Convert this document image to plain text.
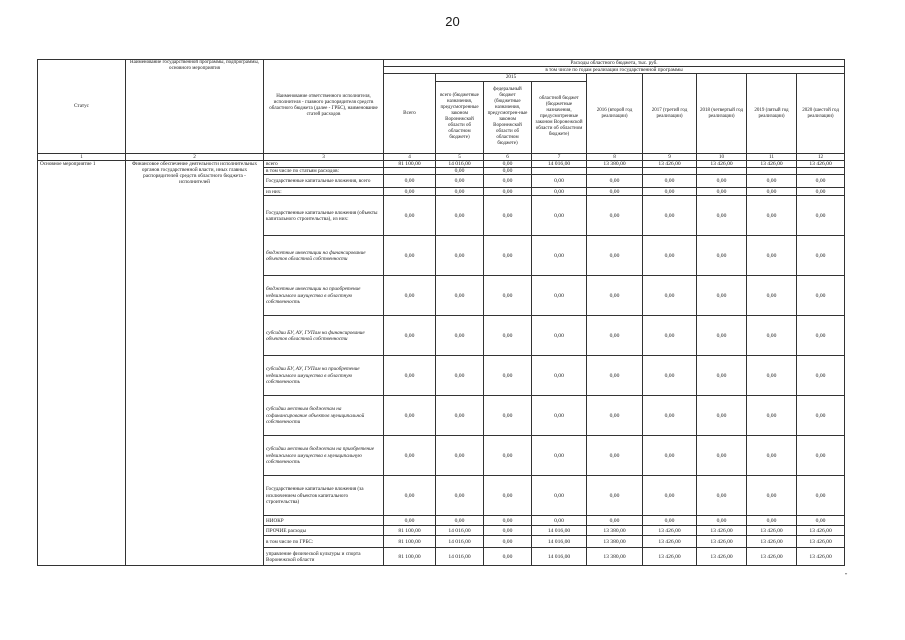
20
Статус	Наименование государственной программы, подпрограммы, основного мероприятия	Наименование ответственного исполнителя, исполнителя - главного распорядителя средств областного бюджета (далее - ГРБС), наименование статей расходов	Расходы областного бюджета, тыс. руб.								
			в том числе по годам реализации государственной программы								
			Всего	2015			2016 (второй год реализации)	2017 (третий год реализации)	2018 (четвертый год реализации)	2019 (пятый год реализации)	2020 (шестой год реализации)
				всего (бюджетные назначения, предусмотренные законом Воронежской области об областном бюджете)	федеральный бюджет (бюджетные назначения, предусмотрен-ные законом Воронежской области об областном бюджете)	областной бюджет (бюджетные назначения, предусмотренные законом Воронежской области об областном бюджете)					
1	2	3	4	5	6	7	8	9	10	11	12
Основное мероприятие 1	Финансовое обеспечение деятельности исполнительных органов государственной власти, иных главных распорядителей средств областного бюджета - исполнителей	всего	81 100,00	14 016,00	0,00	14 016,00	13 380,00	13 426,00	13 426,00	13 426,00	13 426,00
		в том числе по статьям расходов:		0,00	0,00						
		Государственные капитальные вложения, всего	0,00	0,00	0,00	0,00	0,00	0,00	0,00	0,00	0,00
		из них:	0,00	0,00	0,00	0,00	0,00	0,00	0,00	0,00	0,00
		Государственные капитальные вложения (объекты капитального строительства), из них:	0,00	0,00	0,00	0,00	0,00	0,00	0,00	0,00	0,00
		бюджетные инвестиции на финансирование объектов областной собственности	0,00	0,00	0,00	0,00	0,00	0,00	0,00	0,00	0,00
		бюджетные инвестиции на приобретение недвижимого имущества в областную собственность	0,00	0,00	0,00	0,00	0,00	0,00	0,00	0,00	0,00
		субсидии БУ, АУ, ГУПам на финансирование объектов областной собственности	0,00	0,00	0,00	0,00	0,00	0,00	0,00	0,00	0,00
		субсидии БУ, АУ, ГУПам на приобретение недвижимого имущества в областную собственность	0,00	0,00	0,00	0,00	0,00	0,00	0,00	0,00	0,00
		субсидии местным бюджетам на софинансирование объектов муниципальной собственности	0,00	0,00	0,00	0,00	0,00	0,00	0,00	0,00	0,00
		субсидии местным бюджетам на приобретение недвижимого имущества в муниципальную собственность	0,00	0,00	0,00	0,00	0,00	0,00	0,00	0,00	0,00
		Государственные капитальные вложения (за исключением объектов капитального строительства)	0,00	0,00	0,00	0,00	0,00	0,00	0,00	0,00	0,00
		НИОКР	0,00	0,00	0,00	0,00	0,00	0,00	0,00	0,00	0,00
		ПРОЧИЕ расходы	81 100,00	14 016,00	0,00	14 016,00	13 380,00	13 426,00	13 426,00	13 426,00	13 426,00
		в том числе по ГРБС:	81 100,00	14 016,00	0,00	14 016,00	13 380,00	13 426,00	13 426,00	13 426,00	13 426,00
		управление физической культуры и спорта Воронежской области	81 100,00	14 016,00	0,00	14 016,00	13 380,00	13 426,00	13 426,00	13 426,00	13 426,00
"
